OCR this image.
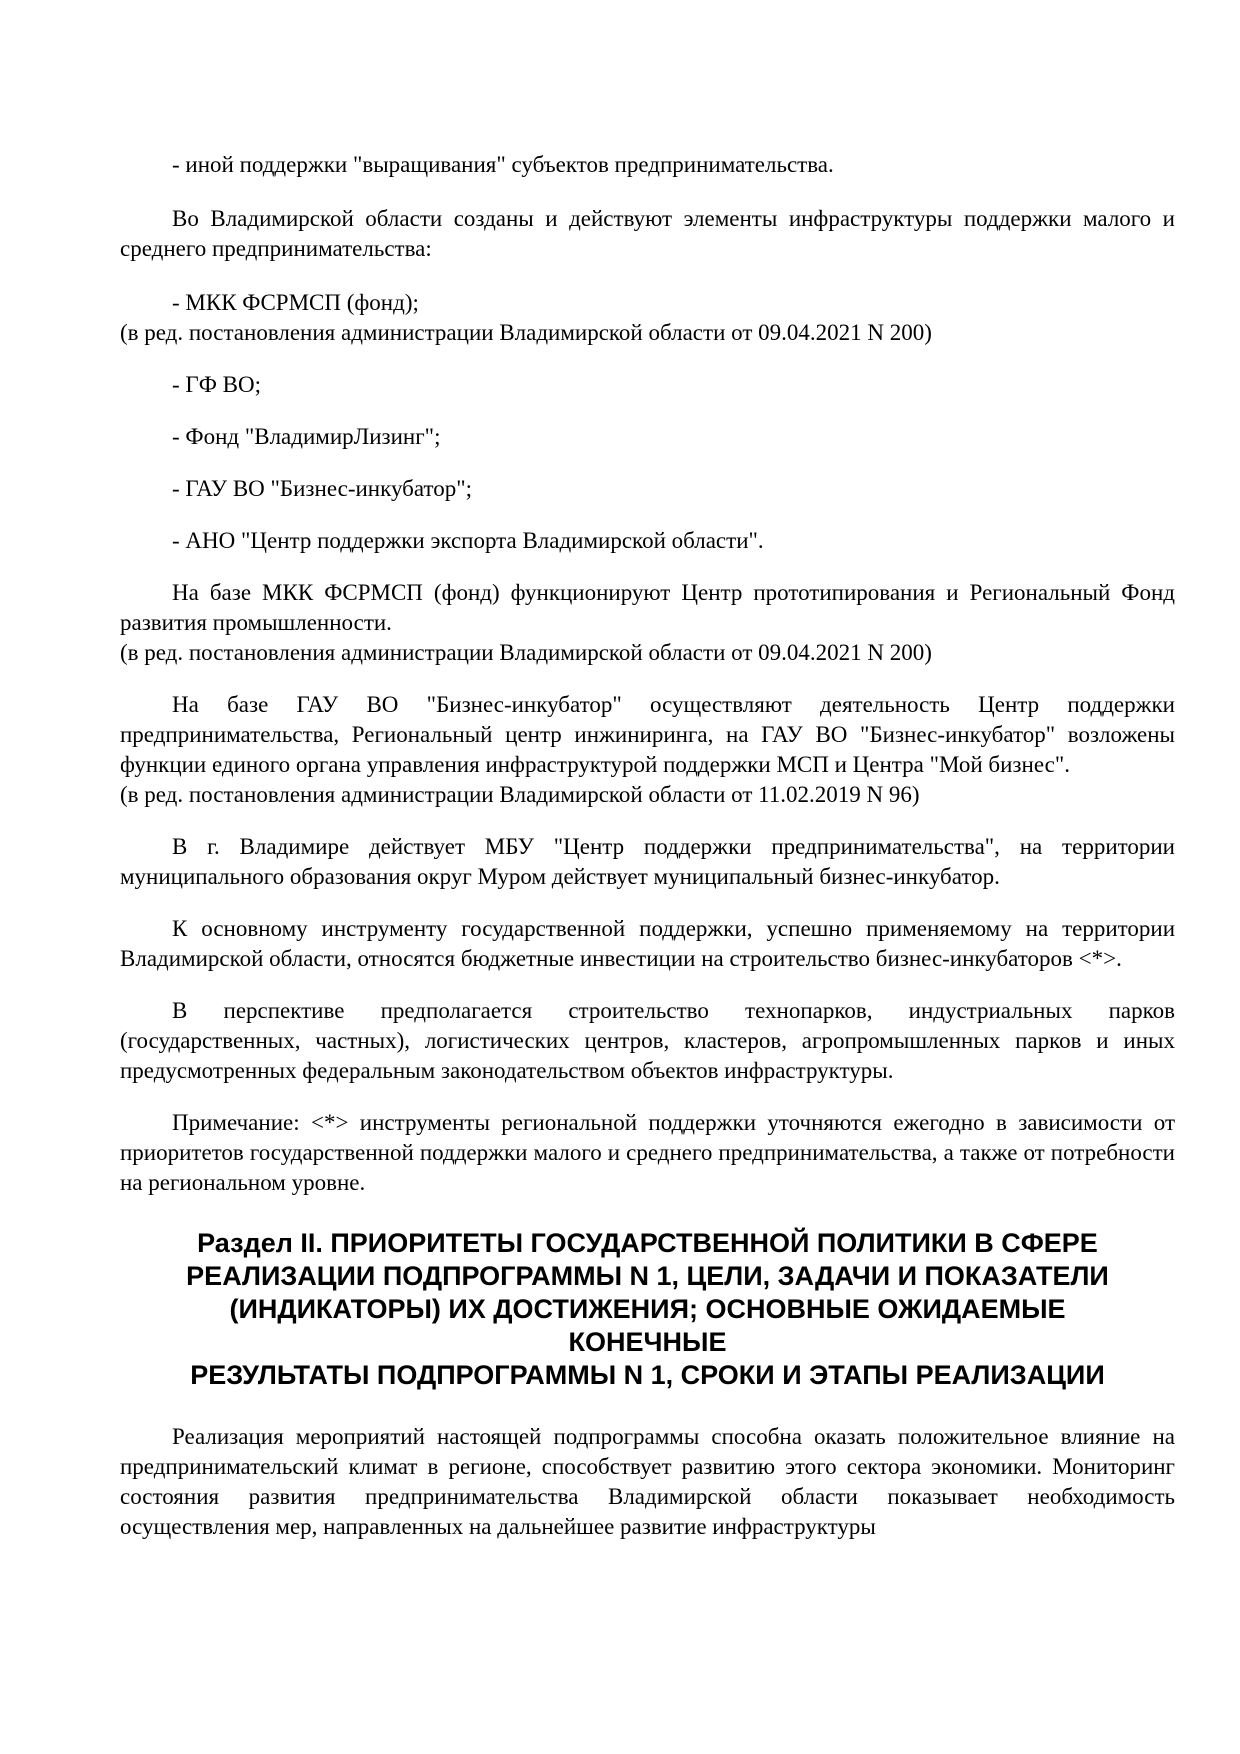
- иной поддержки "выращивания" субъектов предпринимательства.

Во Владимирской области созданы и действуют элементы инфраструктуры поддержки малого и среднего предпринимательства:

- МКК ФСРМСП (фонд);

(в ред. постановления администрации Владимирской области от 09.04.2021 N 200)

- ГФ ВО;

- Фонд "ВладимирЛизинг";

- ГАУ ВО "Бизнес-инкубатор";

- АНО "Центр поддержки экспорта Владимирской области".

На базе МКК ФСРМСП (фонд) функционируют Центр прототипирования и Региональный Фонд развития промышленности.

(в ред. постановления администрации Владимирской области от 09.04.2021 N 200)

На базе ГАУ ВО "Бизнес-инкубатор" осуществляют деятельность Центр поддержки предпринимательства, Региональный центр инжиниринга, на ГАУ ВО "Бизнес-инкубатор" возложены функции единого органа управления инфраструктурой поддержки МСП и Центра "Мой бизнес".

(в ред. постановления администрации Владимирской области от 11.02.2019 N 96)

В г. Владимире действует МБУ "Центр поддержки предпринимательства", на территории муниципального образования округ Муром действует муниципальный бизнес-инкубатор.

К основному инструменту государственной поддержки, успешно применяемому на территории Владимирской области, относятся бюджетные инвестиции на строительство бизнес-инкубаторов <*>.

В перспективе предполагается строительство технопарков, индустриальных парков (государственных, частных), логистических центров, кластеров, агропромышленных парков и иных предусмотренных федеральным законодательством объектов инфраструктуры.

Примечание: <*> инструменты региональной поддержки уточняются ежегодно в зависимости от приоритетов государственной поддержки малого и среднего предпринимательства, а также от потребности на региональном уровне.

Раздел II. ПРИОРИТЕТЫ ГОСУДАРСТВЕННОЙ ПОЛИТИКИ В СФЕРЕ
РЕАЛИЗАЦИИ ПОДПРОГРАММЫ N 1, ЦЕЛИ, ЗАДАЧИ И ПОКАЗАТЕЛИ
(ИНДИКАТОРЫ) ИХ ДОСТИЖЕНИЯ; ОСНОВНЫЕ ОЖИДАЕМЫЕ
КОНЕЧНЫЕ
РЕЗУЛЬТАТЫ ПОДПРОГРАММЫ N 1, СРОКИ И ЭТАПЫ РЕАЛИЗАЦИИ

Реализация мероприятий настоящей подпрограммы способна оказать положительное влияние на предпринимательский климат в регионе, способствует развитию этого сектора экономики. Мониторинг состояния развития предпринимательства Владимирской области показывает необходимость осуществления мер, направленных на дальнейшее развитие инфраструктуры
